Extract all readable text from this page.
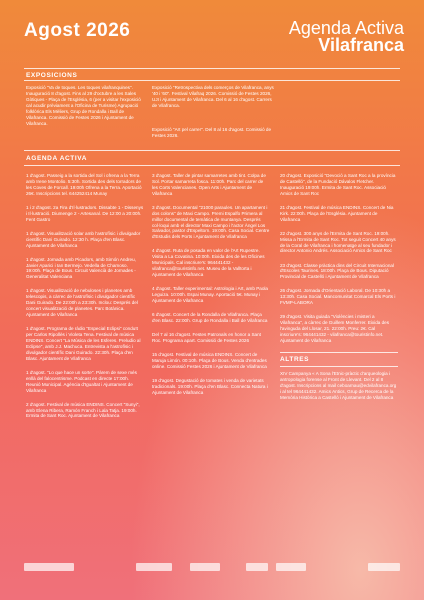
Agost 2026	Agenda Activa
Vilafranca
EXPOSICIONS
Exposició "Va de toques. Les toques vilafranquines". Inauguració 8 d'agost. Fins al 29 d'octubre a les Sales Gòtiques - Plaça de l'Església, 6 (per a visitar l'exposició cal acudir prèviament a l'Oficina de Turisme) Agrupació folklòrica Els Mèliers, Grup de Rondalla i Ball de Vilafranca. Comissió de Festes 2026 i Ajuntament de Vilafranca.
Exposició "Retrospectiva dels comerços de Vilafranca, anys '40 i '60". Festival Vilafraq 2026. Comissió de Festes 2026, UJI i Ajuntament de Vilafranca. Del 6 al 16 d'agost. Carrers de Vilafranca.
Exposició "Art pel carrer". Del 8 al 16 d'agost. Comissió de Festes 2026.
AGENDA ACTIVA
1 d'agost. Passeig a la sortida del Sol i ofrena a la Terra amb Irene Montolio. 5:30h. Sortida des dels torradors de les Coves de Forcall. 19:00h Ofrena a la Terra. Aportació 26€. Inscripcions tel. 644252414 Munay
1 i 2 d'agost. 2a Fira d'Il·lustradors. Dissabte 1 - Dissenys i Il·lustració. Diumenge 2 - Artesanal. De 12:00 a 20:00h. Fent Gastro
1 d'agost. Visualització solar amb l'astrofísic i divulgador científic Dani Guirado. 12:30 h. Plaça d'en Blasc. Ajuntament de Vilafranca
1 d'agost. Jornada amb Picadors, amb Simón Andreu, Javier Aparici i Ian Bermejo. Vedella de Chamoso. 19:00h. Plaça de Bous. Circuit Valencià de Jornades - Generalitat Valenciana
1 d'agost. Visualització de nebuloses i planetes amb telescopis, a càrrec de l'astrofísic i divulgador científic Dani Guirado. De 22:00h a 23:30h. Inclou: Després del concert visualització de planetes. Parc Botànica. Ajuntament de Vilafranca
1 d'agost. Programa de ràdio "Especial Eclipsi" conduït per Carlos Ripollès i Violeta Tena. Festival de música ENDINS. Concert "La Música de les Esferes. Preludio al Eclipse", amb J.J. Machuca. Entrevista a l'astrofísic i divulgador científic Dani Guirado. 22:30h. Plaça d'en Blasc. Ajuntament de Vilafranca
1 d'agost. "Lo que hace un sorte". Pàrem de sexe més enllà del falocentrisme. Podcast en directe 17:00h. Reunió Municipal. Agència d'Igualtat i Ajuntament de Vilafranca
2 d'agost. Festival de música ENDINS. Concert "Sunyi", amb Elena Ribera, Ramón Franch i Lala Tatja. 19:00h. Ermita de Sant Roc. Ajuntament de Vilafranca
3 d'agost. Taller de pintar samarretes amb tint. Colpa de Sol. Portar samarreta fosca. 11:00h. Parc del carrer de les Corts Valencianes. Open Arts i Ajuntament de Vilafranca
3 d'agost. Documental "21000 paraules. Un apartament i dos colons" de Maxi Campo. Premi Espalfo Primera al millor documental de temàtica de muntanya. Després col·loqui amb el director Maxi Campo i l'actor Àngel Los Salvador, pastor d'Espeltorn. 19:00h. Casa Social. Centre d'Estudis dels Ports i Ajuntament de Vilafranca
4 d'agost. Ruta de posada en valor de l'Art Rupestre. Visita a La Covatina. 10:00h. Eixida des de les Oficines Municipals. Cal inscriure's: 964441432 - vilafranca@touristinfo.net. Museu de la Valltorta i Ajuntament de Vilafranca
4 d'agost. Taller experimental: Astrologia i Art, amb Paola Leguiza. 10:00h. Espai Munay. Aportació 5€. Munay i Ajuntament de Vilafranca
6 d'agost. Concert de la Rondalla de Vilafranca. Plaça d'en Blasc. 22:00h. Grup de Rondalla i Ball de Vilafranca
Del 7 al 16 d'agost. Festes Patronals en honor a Sant Roc. Programa apart. Comissió de Festes 2026
15 d'agost. Festival de música ENDINS. Concert de Maruja Limón. 00:10h. Plaça de Bous. Venda d'entrades online. Comissió Festes 2026 i Ajuntament de Vilafranca
19 d'agost. Degustació de tomates i venda de varietats tradicionals. 19:00h. Plaça d'en Blasc. Connecta Natura i Ajuntament de Vilafranca
20 d'agost. Exposició "Devoció a Sant Roc a la província de Castelló", de la Fundació Dávalos Fletcher. Inauguració 19:00h. Ermita de Sant Roc. Associació Amics de Sant Roc
21 d'agost. Festival de música ENDINS. Concert de Nia Kirk. 22:00h. Plaça de l'Església. Ajuntament de Vilafranca
22 d'agost. 300 anys de l'Ermita de Sant Roc. 19:00h. Missa a l'Ermita de Sant Roc. Tot seguit Concert 40 anys de la Coral de Vilafranca i homenatge al seu fundador i director Antonio Andrés. Associació Amics de Sant Roc
23 d'agost. Classe pràctica dins del Circuit Internacional d'Escoles Taurines. 18:00h. Plaça de Bous. Diputació Provincial de Castelló i Ajuntament de Vilafranca
26 d'agost. Jornada d'Orientació Laboral. De 10:30h a 13:30h. Casa Social. Mancomunitat Comarcal Els Ports i FVMP-LABORA
29 d'agost. Visita guiada "Violències i misteri a Vilafranca", a càrrec de Guillem Monferrer. Eixida des l'avinguda del Llosar, 21. 22:00h. Preu: 2€. Cal inscriure's: 964441432 - vilafranca@touristinfo.net. Ajuntament de Vilafranca
ALTRES
XIV Campanya « A Sona l'Etnic-pràctic d'arqueologia i antropologia forense al Front de Llevant. Del 2 al 8 d'agost. Inscripcions al mail ceboarnau@edvilafranca.org i al tel 964441432. Amics Antics, Grup de Recerca de la Memòria Històrica a Castelló i Ajuntament de Vilafranca
